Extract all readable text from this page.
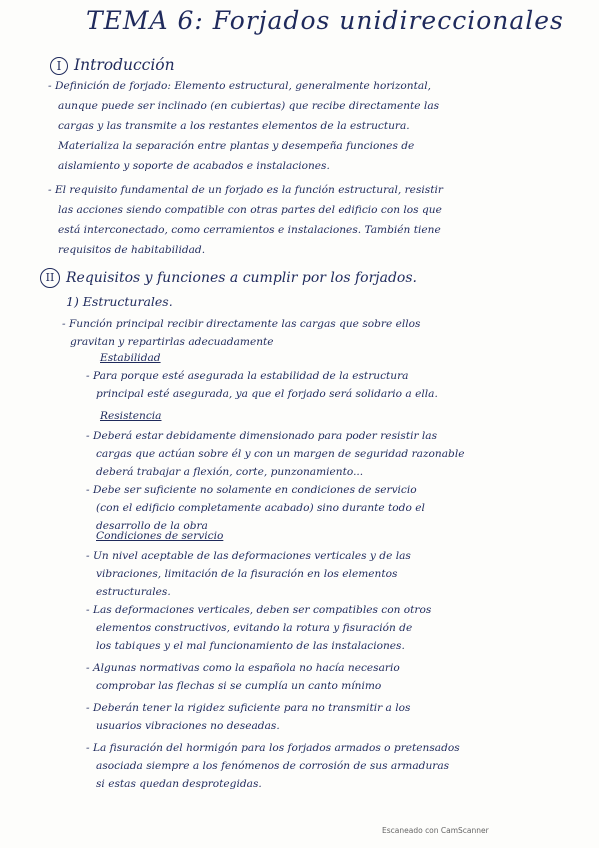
TEMA 6: Forjados unidireccionales
I Introducción
- Definición de forjado: Elemento estructural, generalmente horizontal,
aunque puede ser inclinado (en cubiertas) que recibe directamente las
cargas y las transmite a los restantes elementos de la estructura.
Materializa la separación entre plantas y desempeña funciones de
aislamiento y soporte de acabados e instalaciones.
- El requisito fundamental de un forjado es la función estructural, resistir
las acciones siendo compatible con otras partes del edificio con los que
está interconectado, como cerramientos e instalaciones. También tiene
requisitos de habitabilidad.
II Requisitos y funciones a cumplir por los forjados.
1) Estructurales.
- Función principal recibir directamente las cargas que sobre ellos
gravitan y repartirlas adecuadamente
Estabilidad
- Para porque esté asegurada la estabilidad de la estructura
principal esté asegurada, ya que el forjado será solidario a ella.
Resistencia
- Deberá estar debidamente dimensionado para poder resistir las
cargas que actúan sobre él y con un margen de seguridad razonable
deberá trabajar a flexión, corte, punzonamiento...
- Debe ser suficiente no solamente en condiciones de servicio
(con el edificio completamente acabado) sino durante todo el
desarrollo de la obra
Condiciones de servicio
- Un nivel aceptable de las deformaciones verticales y de las
vibraciones, limitación de la fisuración en los elementos
estructurales.
- Las deformaciones verticales, deben ser compatibles con otros
elementos constructivos, evitando la rotura y fisuración de
los tabiques y el mal funcionamiento de las instalaciones.
- Algunas normativas como la española no hacía necesario
comprobar las flechas si se cumplía un canto mínimo
- Deberán tener la rigidez suficiente para no transmitir a los
usuarios vibraciones no deseadas.
- La fisuración del hormigón para los forjados armados o pretensados
asociada siempre a los fenómenos de corrosión de sus armaduras
si estas quedan desprotegidas.
Escaneado con CamScanner
